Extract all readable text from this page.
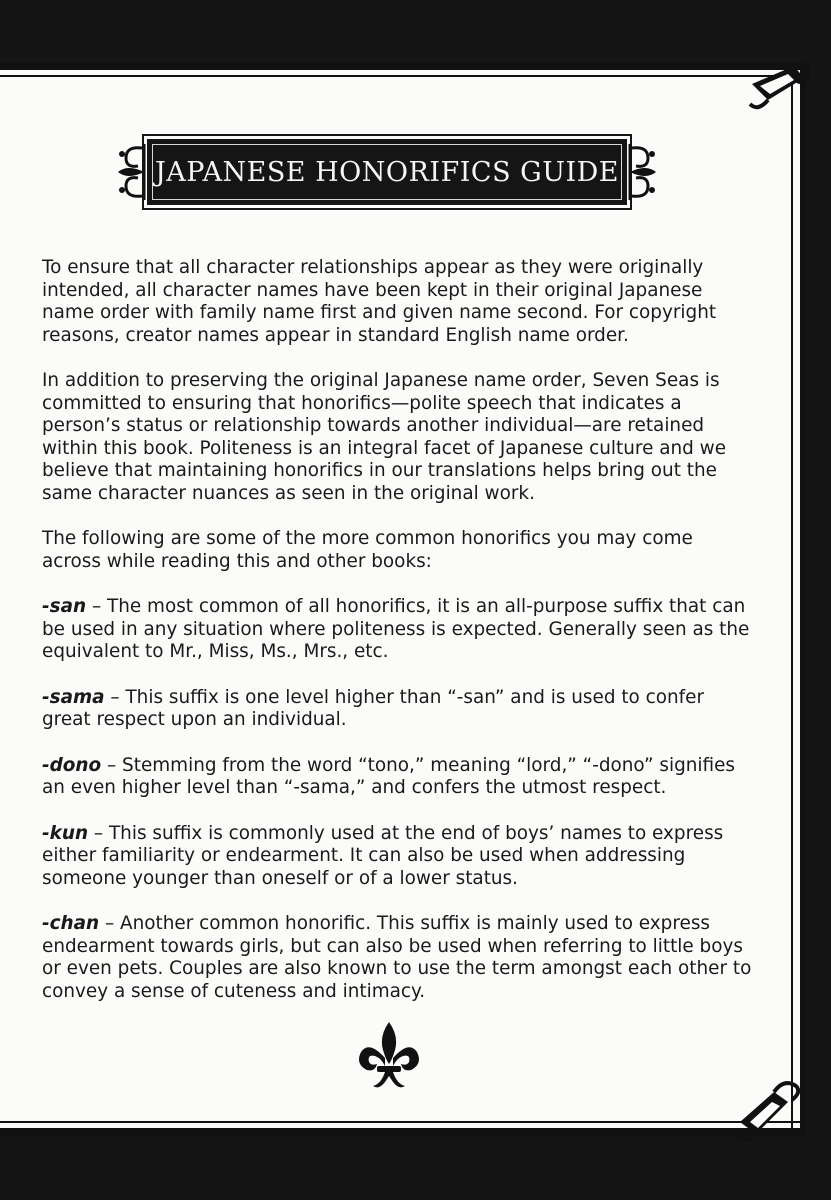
JAPANESE HONORIFICS GUIDE

To ensure that all character relationships appear as they were originally intended, all character names have been kept in their original Japanese name order with family name first and given name second. For copyright reasons, creator names appear in standard English name order.

In addition to preserving the original Japanese name order, Seven Seas is committed to ensuring that honorifics—polite speech that indicates a person’s status or relationship towards another individual—are retained within this book. Politeness is an integral facet of Japanese culture and we believe that maintaining honorifics in our translations helps bring out the same character nuances as seen in the original work.

The following are some of the more common honorifics you may come across while reading this and other books:

-san – The most common of all honorifics, it is an all-purpose suffix that can be used in any situation where politeness is expected. Generally seen as the equivalent to Mr., Miss, Ms., Mrs., etc.

-sama – This suffix is one level higher than “-san” and is used to confer great respect upon an individual.

-dono – Stemming from the word “tono,” meaning “lord,” “-dono” signifies an even higher level than “-sama,” and confers the utmost respect.

-kun – This suffix is commonly used at the end of boys’ names to express either familiarity or endearment. It can also be used when addressing someone younger than oneself or of a lower status.

-chan – Another common honorific. This suffix is mainly used to express endearment towards girls, but can also be used when referring to little boys or even pets. Couples are also known to use the term amongst each other to convey a sense of cuteness and intimacy.
